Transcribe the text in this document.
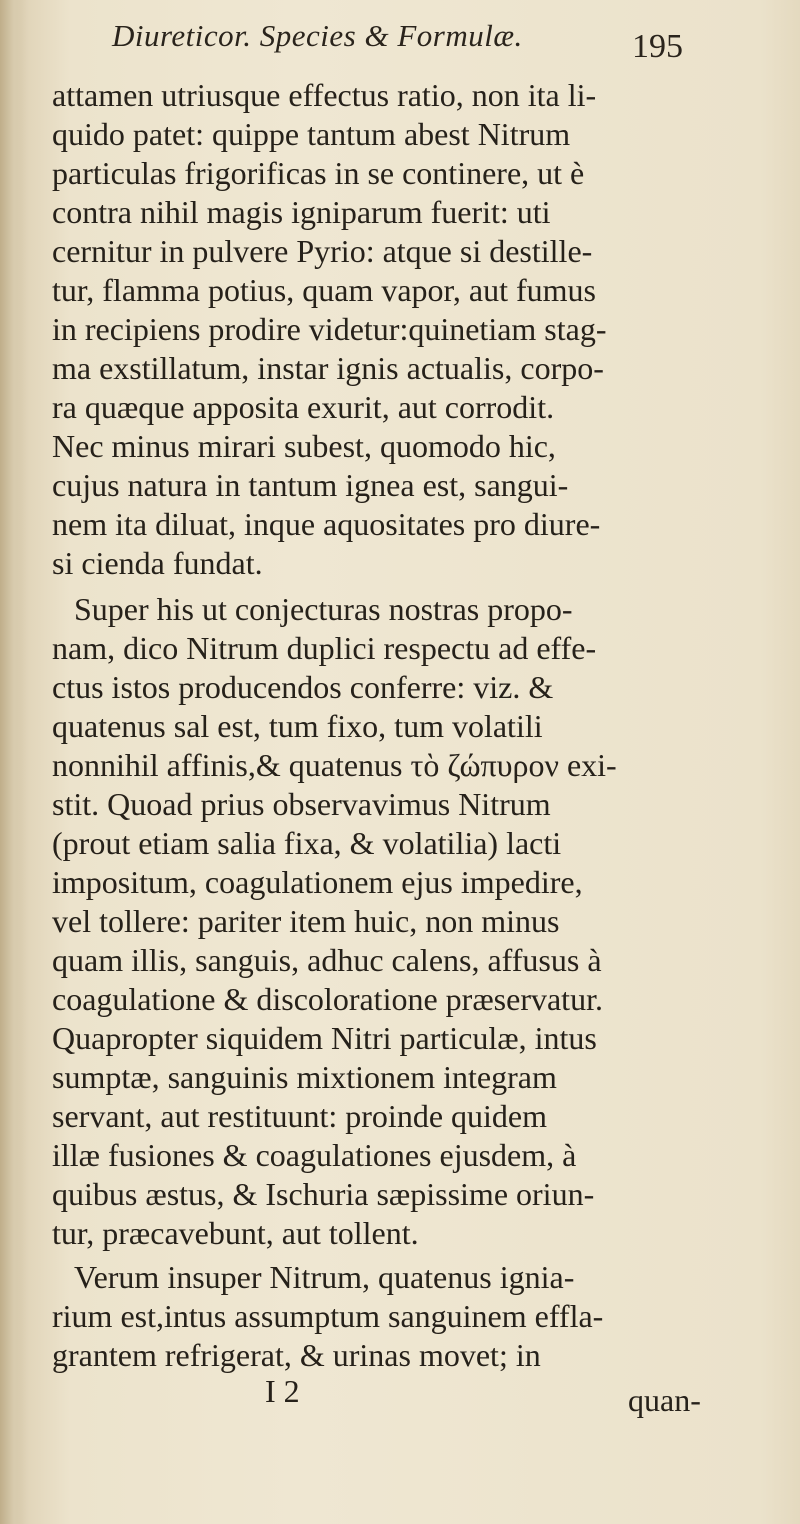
Diureticor. Species & Formulæ.	195
attamen utriusque effectus ratio, non ita li-
quido patet: quippe tantum abest Nitrum
particulas frigorificas in se continere, ut è
contra nihil magis igniparum fuerit: uti
cernitur in pulvere Pyrio: atque si destille-
tur, flamma potius, quam vapor, aut fumus
in recipiens prodire videtur:quinetiam stag-
ma exstillatum, instar ignis actualis, corpo-
ra quæque apposita exurit, aut corrodit.
Nec minus mirari subest, quomodo hic,
cujus natura in tantum ignea est, sangui-
nem ita diluat, inque aquositates pro diure-
si cienda fundat.
Super his ut conjecturas nostras propo-
nam, dico Nitrum duplici respectu ad effe-
ctus istos producendos conferre: viz. &
quatenus sal est, tum fixo, tum volatili
nonnihil affinis,& quatenus τὸ ζώπυρον exi-
stit. Quoad prius observavimus Nitrum
(prout etiam salia fixa, & volatilia) lacti
impositum, coagulationem ejus impedire,
vel tollere: pariter item huic, non minus
quam illis, sanguis, adhuc calens, affusus à
coagulatione & discoloratione præservatur.
Quapropter siquidem Nitri particulæ, intus
sumptæ, sanguinis mixtionem integram
servant, aut restituunt: proinde quidem
illæ fusiones & coagulationes ejusdem, à
quibus æstus, & Ischuria sæpissime oriun-
tur, præcavebunt, aut tollent.
Verum insuper Nitrum, quatenus ignia-
rium est,intus assumptum sanguinem effla-
grantem refrigerat, & urinas movet; in
I 2	quan-
